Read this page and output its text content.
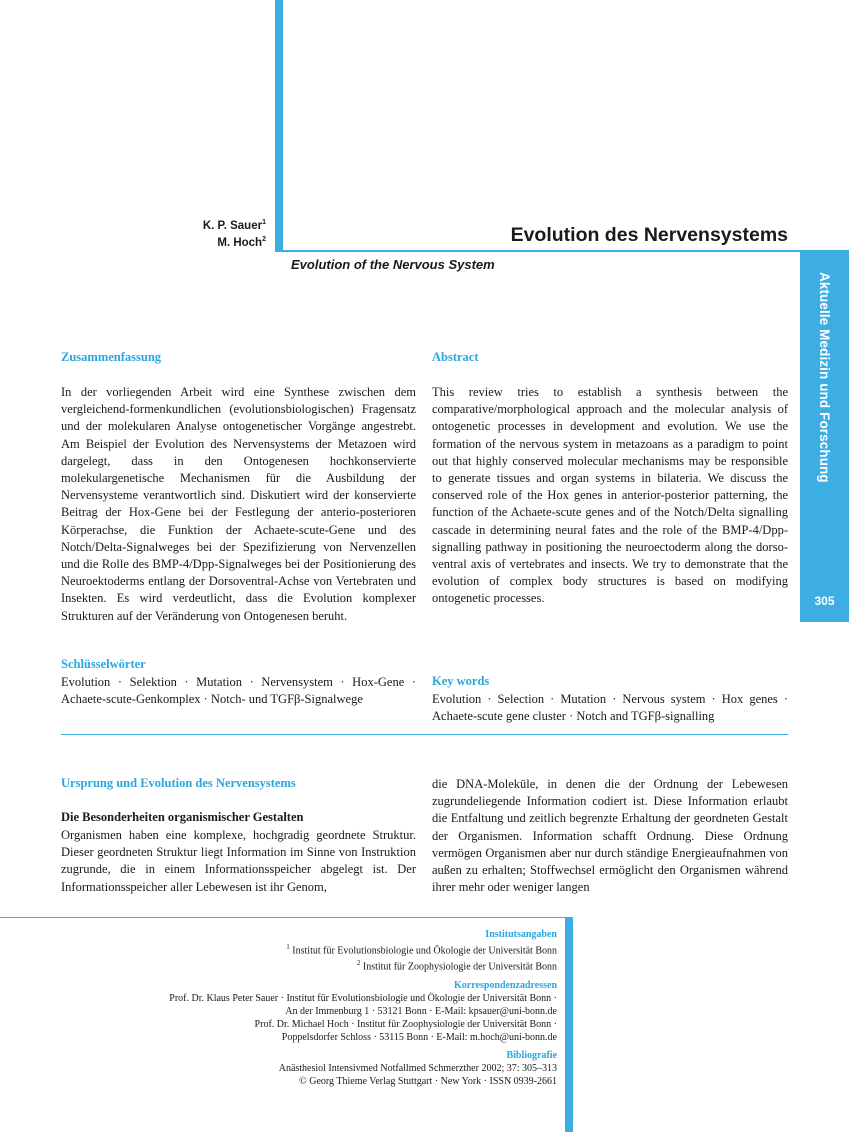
Aktuelle Medizin und Forschung
305
K. P. Sauer$^1$
M. Hoch$^2$	Evolution des Nervensystems
Evolution of the Nervous System
Zusammenfassung
In der vorliegenden Arbeit wird eine Synthese zwischen dem vergleichend-formenkundlichen (evolutionsbiologischen) Fragensatz und der molekularen Analyse ontogenetischer Vorgänge angestrebt. Am Beispiel der Evolution des Nervensystems der Metazoen wird dargelegt, dass in den Ontogenesen hochkonservierte molekulargenetische Mechanismen für die Ausbildung der Nervensysteme verantwortlich sind. Diskutiert wird der konservierte Beitrag der Hox-Gene bei der Festlegung der anterio-posterioren Körperachse, die Funktion der Achaete-scute-Gene und des Notch/Delta-Signalweges bei der Spezifizierung von Nervenzellen und die Rolle des BMP-4/Dpp-Signalweges bei der Positionierung des Neuroektoderms entlang der Dorsoventral-Achse von Vertebraten und Insekten. Es wird verdeutlicht, dass die Evolution komplexer Strukturen auf der Veränderung von Ontogenesen beruht.
Abstract
This review tries to establish a synthesis between the comparative/morphological approach and the molecular analysis of ontogenetic processes in development and evolution. We use the formation of the nervous system in metazoans as a paradigm to point out that highly conserved molecular mechanisms may be responsible to generate tissues and organ systems in bilateria. We discuss the conserved role of the Hox genes in anterior-posterior patterning, the function of the Achaete-scute genes and of the Notch/Delta signalling cascade in determining neural fates and the role of the BMP-4/Dpp-signalling pathway in positioning the neuroectoderm along the dorso-ventral axis of vertebrates and insects. We try to demonstrate that the evolution of complex body structures is based on modifying ontogenetic processes.
Schlüsselwörter
Evolution · Selektion · Mutation · Nervensystem · Hox-Gene · Achaete-scute-Genkomplex · Notch- und TGFβ-Signalwege
Key words
Evolution · Selection · Mutation · Nervous system · Hox genes · Achaete-scute gene cluster · Notch and TGFβ-signalling
Ursprung und Evolution des Nervensystems
Die Besonderheiten organismischer Gestalten
Organismen haben eine komplexe, hochgradig geordnete Struktur. Dieser geordneten Struktur liegt Information im Sinne von Instruktion zugrunde, die in einem Informationsspeicher abgelegt ist. Der Informationsspeicher aller Lebewesen ist ihr Genom,
die DNA-Moleküle, in denen die der Ordnung der Lebewesen zugrundeliegende Information codiert ist. Diese Information erlaubt die Entfaltung und zeitlich begrenzte Erhaltung der geordneten Gestalt der Organismen. Information schafft Ordnung. Diese Ordnung vermögen Organismen aber nur durch ständige Energieaufnahmen von außen zu erhalten; Stoffwechsel ermöglicht den Organismen während ihrer mehr oder weniger langen
Institutsangaben
$^1$ Institut für Evolutionsbiologie und Ökologie der Universität Bonn
$^2$ Institut für Zoophysiologie der Universität Bonn
Korrespondenzadressen
Prof. Dr. Klaus Peter Sauer · Institut für Evolutionsbiologie und Ökologie der Universität Bonn ·
An der Immenburg 1 · 53121 Bonn · E-Mail: kpsauer@uni-bonn.de
Prof. Dr. Michael Hoch · Institut für Zoophysiologie der Universität Bonn ·
Poppelsdorfer Schloss · 53115 Bonn · E-Mail: m.hoch@uni-bonn.de
Bibliografie
Anästhesiol Intensivmed Notfallmed Schmerzther 2002; 37: 305–313
© Georg Thieme Verlag Stuttgart · New York · ISSN 0939-2661
